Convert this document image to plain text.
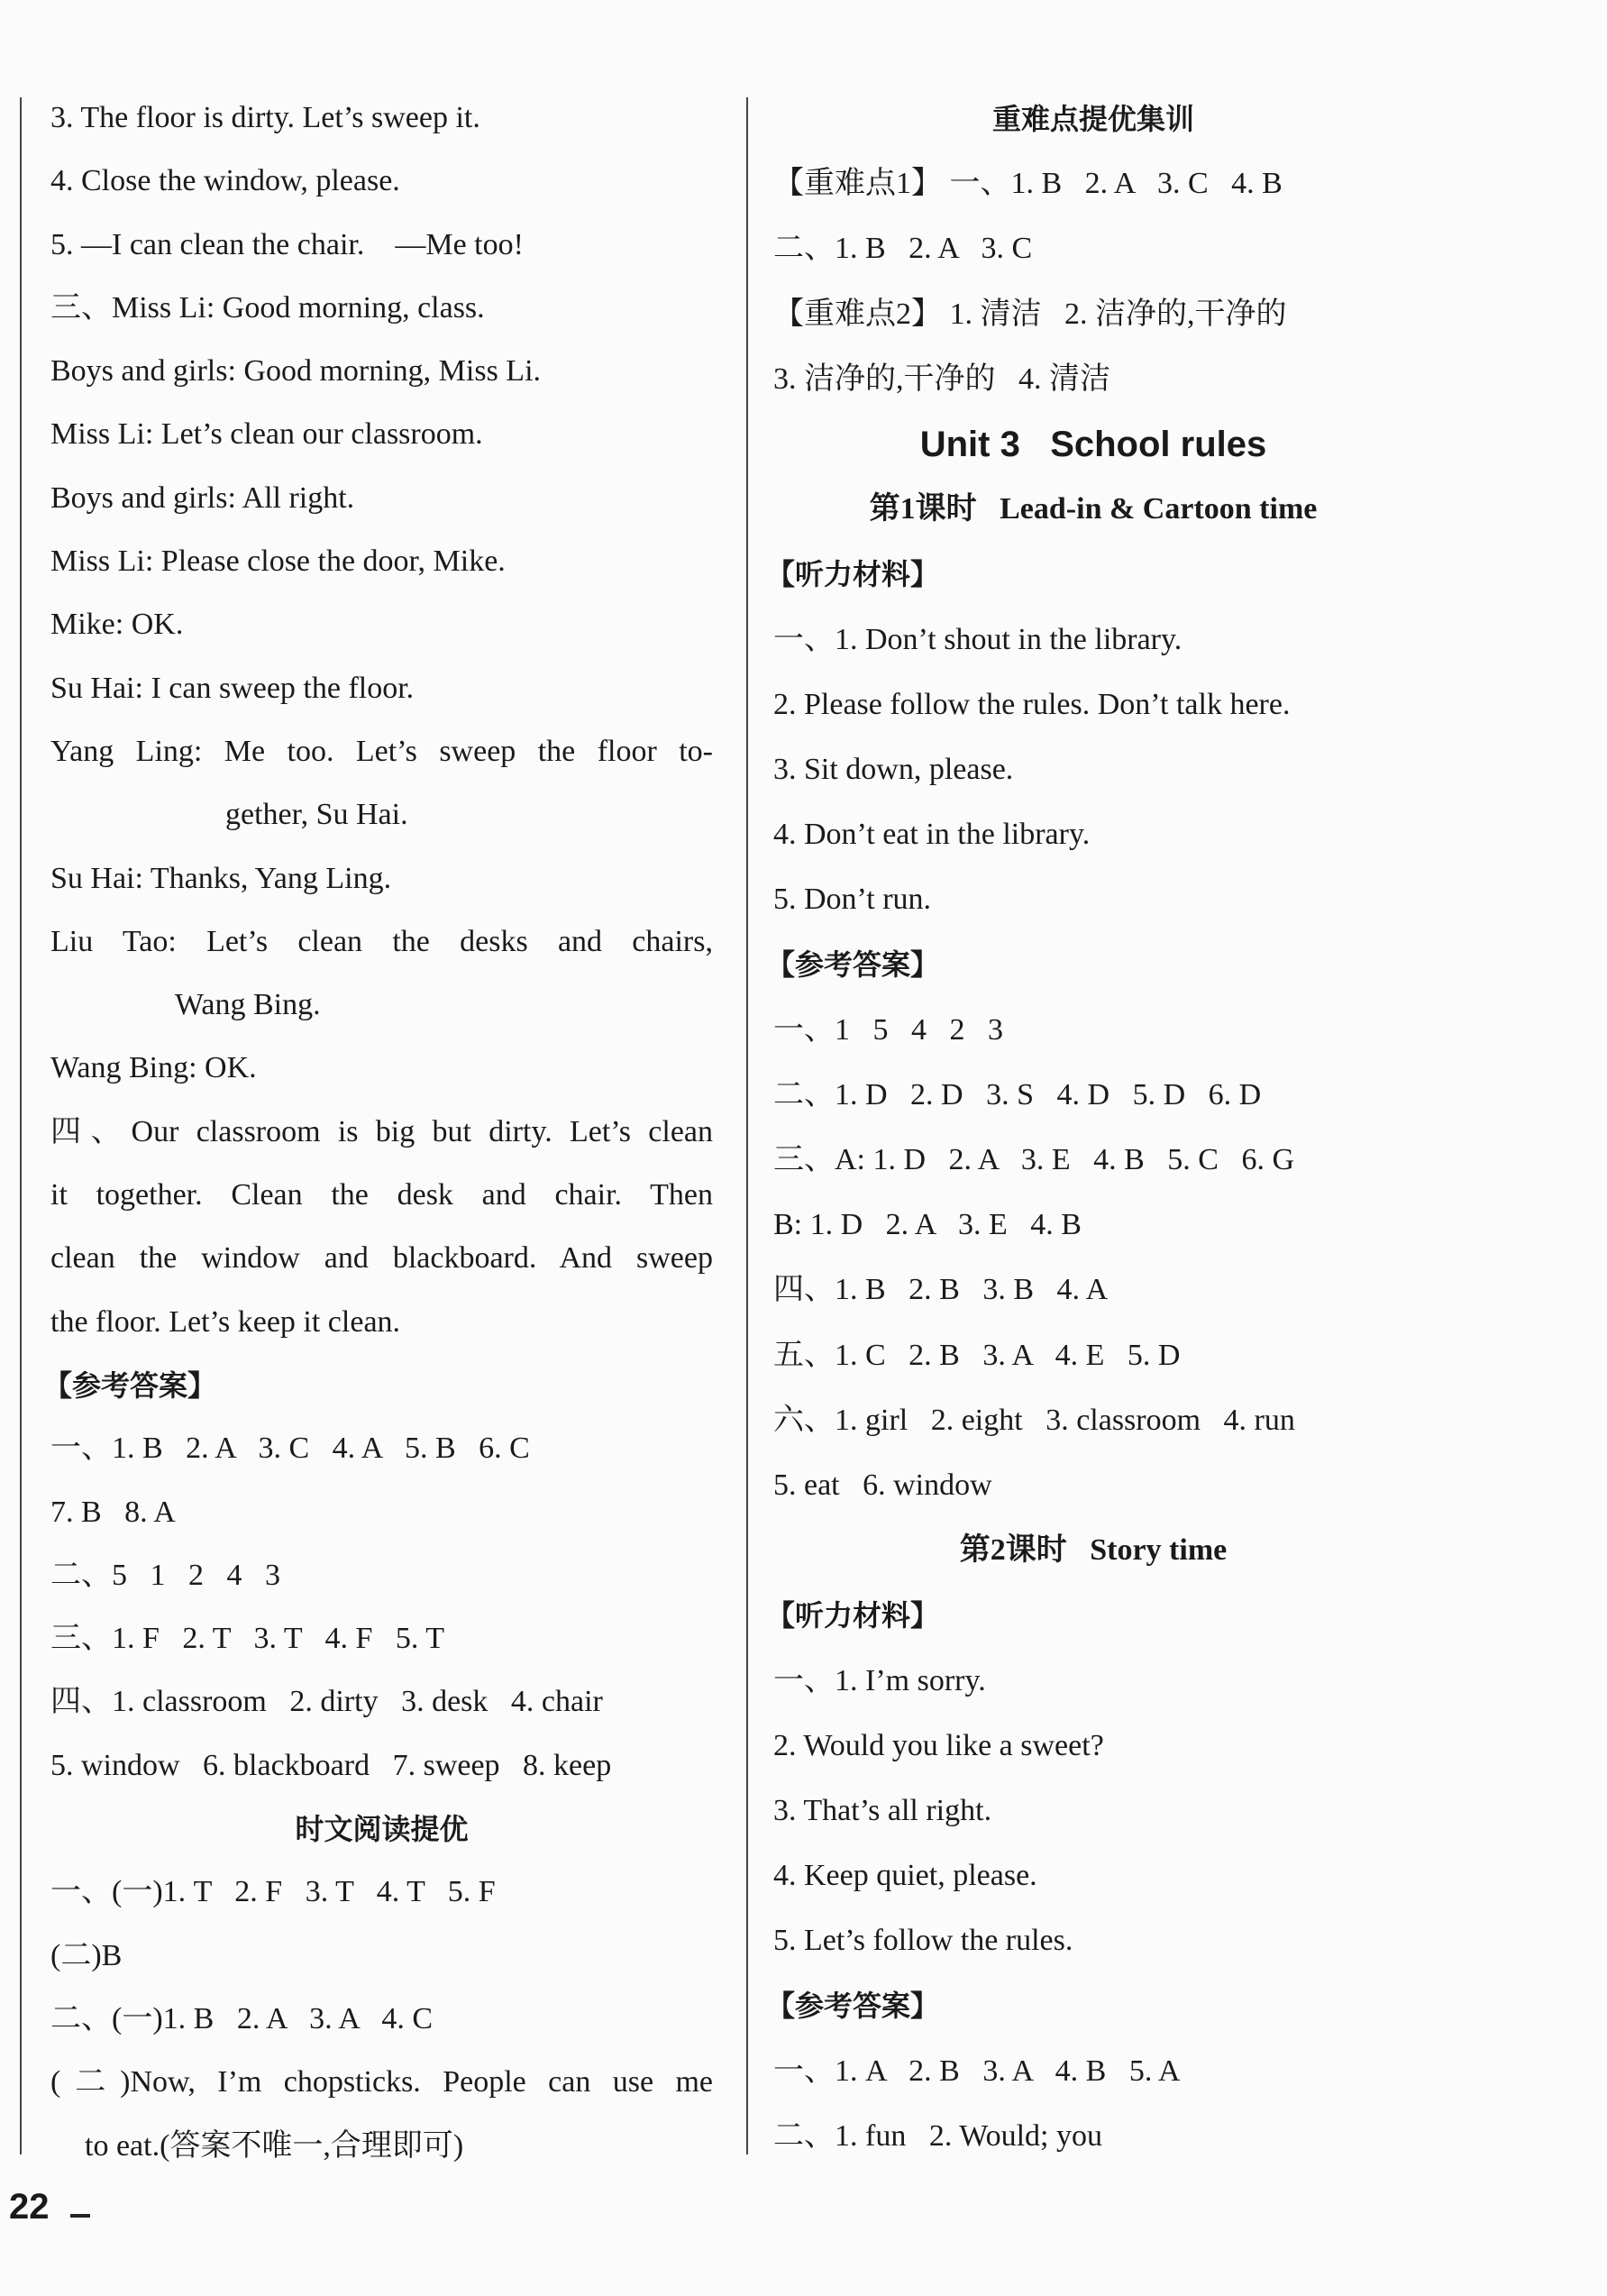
3. The floor is dirty. Let’s sweep it.
4. Close the window, please.
5. —I can clean the chair.    —Me too!
三、Miss Li: Good morning, class.
Boys and girls: Good morning, Miss Li.
Miss Li: Let’s clean our classroom.
Boys and girls: All right.
Miss Li: Please close the door, Mike.
Mike: OK.
Su Hai: I can sweep the floor.
Yang Ling: Me too. Let’s sweep the floor to-
gether, Su Hai.
Su Hai: Thanks, Yang Ling.
Liu Tao: Let’s clean the desks and chairs,
Wang Bing.
Wang Bing: OK.
四、Our classroom is big but dirty. Let’s clean
it together. Clean the desk and chair. Then
clean the window and blackboard. And sweep
the floor. Let’s keep it clean.
【参考答案】
一、1. B   2. A   3. C   4. A   5. B   6. C
7. B   8. A
二、5   1   2   4   3
三、1. F   2. T   3. T   4. F   5. T
四、1. classroom   2. dirty   3. desk   4. chair
5. window   6. blackboard   7. sweep   8. keep
时文阅读提优
一、(一)1. T   2. F   3. T   4. T   5. F
(二)B
二、(一)1. B   2. A   3. A   4. C
(二)Now, I’m chopsticks. People can use me
to eat.(答案不唯一,合理即可)
重难点提优集训
【重难点1】 一、1. B   2. A   3. C   4. B
二、1. B   2. A   3. C
【重难点2】 1. 清洁   2. 洁净的,干净的
3. 洁净的,干净的   4. 清洁
Unit 3   School rules
第1课时   Lead-in & Cartoon time
【听力材料】
一、1. Don’t shout in the library.
2. Please follow the rules. Don’t talk here.
3. Sit down, please.
4. Don’t eat in the library.
5. Don’t run.
【参考答案】
一、1   5   4   2   3
二、1. D   2. D   3. S   4. D   5. D   6. D
三、A: 1. D   2. A   3. E   4. B   5. C   6. G
B: 1. D   2. A   3. E   4. B
四、1. B   2. B   3. B   4. A
五、1. C   2. B   3. A   4. E   5. D
六、1. girl   2. eight   3. classroom   4. run
5. eat   6. window
第2课时   Story time
【听力材料】
一、1. I’m sorry.
2. Would you like a sweet?
3. That’s all right.
4. Keep quiet, please.
5. Let’s follow the rules.
【参考答案】
一、1. A   2. B   3. A   4. B   5. A
二、1. fun   2. Would; you
22
